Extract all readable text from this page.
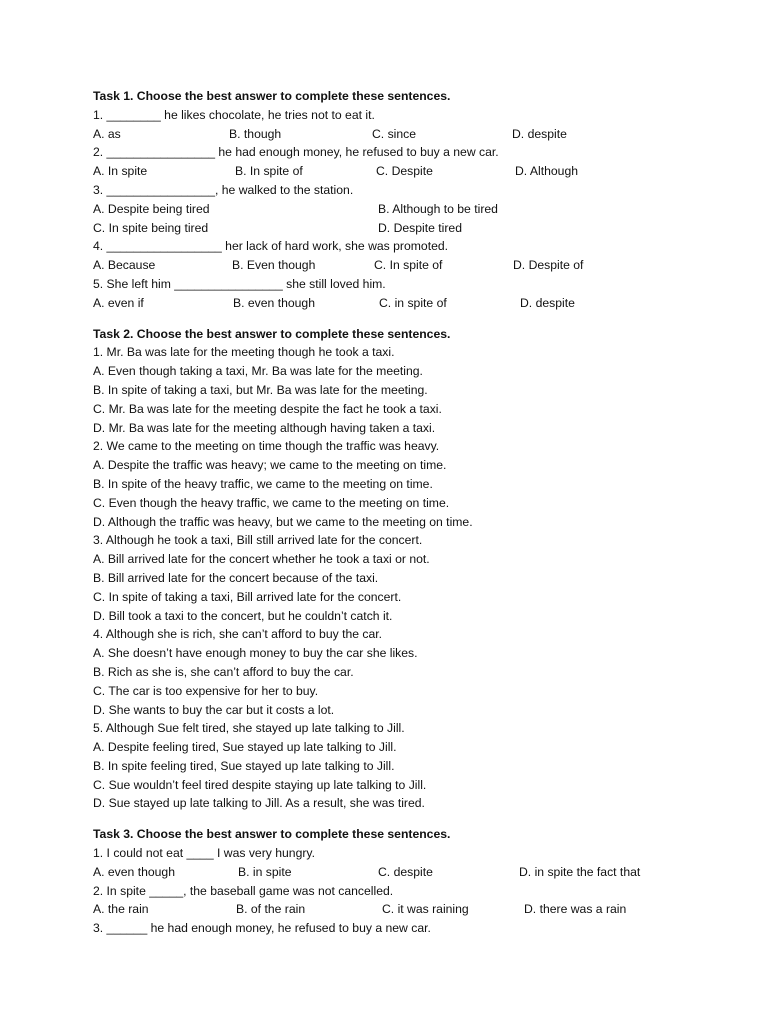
Task 1. Choose the best answer to complete these sentences.
1. ________ he likes chocolate, he tries not to eat it.
A. as	B. though	C. since	D. despite
2. ________________ he had enough money, he refused to buy a new car.
A. In spite	B. In spite of	C. Despite	D. Although
3. ________________, he walked to the station.
A. Despite being tired	B. Although to be tired
C. In spite being tired	D. Despite tired
4. _________________ her lack of hard work, she was promoted.
A. Because	B. Even though	C. In spite of	D. Despite of
5. She left him ________________ she still loved him.
A. even if	B. even though	C. in spite of	D. despite
Task 2. Choose the best answer to complete these sentences.
1. Mr. Ba was late for the meeting though he took a taxi.
A. Even though taking a taxi, Mr. Ba was late for the meeting.
B. In spite of taking a taxi, but Mr. Ba was late for the meeting.
C. Mr. Ba was late for the meeting despite the fact he took a taxi.
D. Mr. Ba was late for the meeting although having taken a taxi.
2. We came to the meeting on time though the traffic was heavy.
A. Despite the traffic was heavy; we came to the meeting on time.
B. In spite of the heavy traffic, we came to the meeting on time.
C. Even though the heavy traffic, we came to the meeting on time.
D. Although the traffic was heavy, but we came to the meeting on time.
3. Although he took a taxi, Bill still arrived late for the concert.
A. Bill arrived late for the concert whether he took a taxi or not.
B. Bill arrived late for the concert because of the taxi.
C. In spite of taking a taxi, Bill arrived late for the concert.
D. Bill took a taxi to the concert, but he couldn’t catch it.
4. Although she is rich, she can’t afford to buy the car.
A. She doesn’t have enough money to buy the car she likes.
B. Rich as she is, she can’t afford to buy the car.
C. The car is too expensive for her to buy.
D. She wants to buy the car but it costs a lot.
5. Although Sue felt tired, she stayed up late talking to Jill.
A. Despite feeling tired, Sue stayed up late talking to Jill.
B. In spite feeling tired, Sue stayed up late talking to Jill.
C. Sue wouldn’t feel tired despite staying up late talking to Jill.
D. Sue stayed up late talking to Jill. As a result, she was tired.
Task 3. Choose the best answer to complete these sentences.
1. I could not eat ____ I was very hungry.
A. even though	B. in spite	C. despite	D. in spite the fact that
2. In spite _____, the baseball game was not cancelled.
A. the rain	B. of the rain	C. it was raining	D. there was a rain
3. ______ he had enough money, he refused to buy a new car.
